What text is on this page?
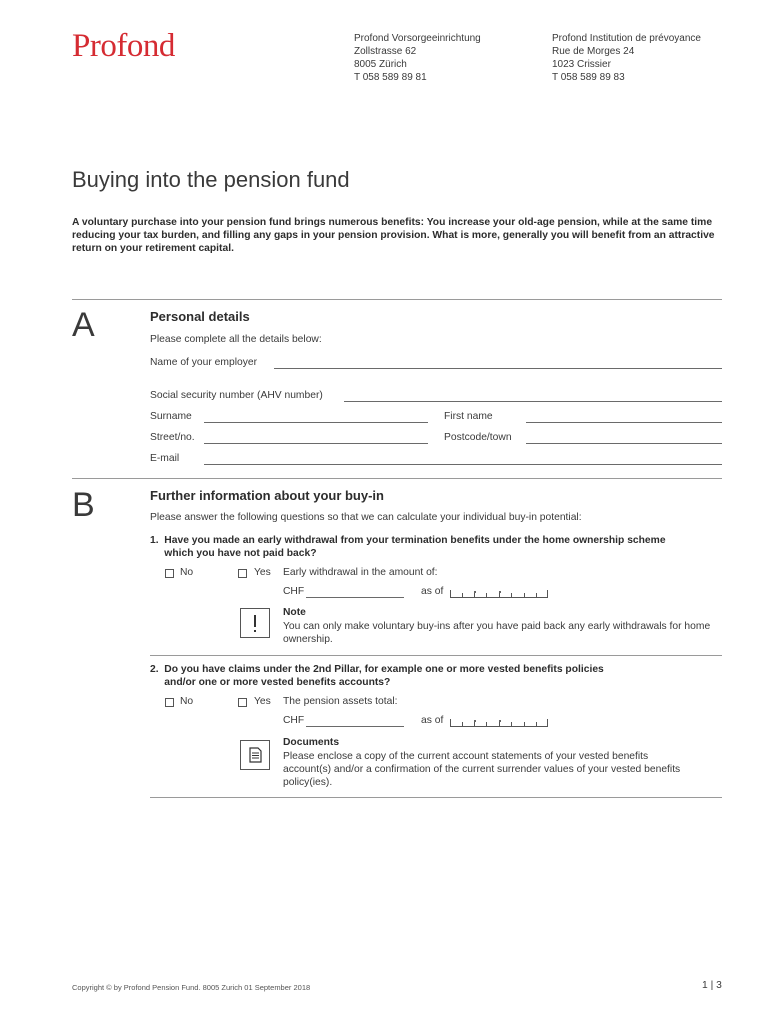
Profond	Profond Vorsorgeeinrichtung
Zollstrasse 62
8005 Zürich
T 058 589 89 81
Profond Institution de prévoyance
Rue de Morges 24
1023 Crissier
T 058 589 89 83
Buying into the pension fund

A voluntary purchase into your pension fund brings numerous benefits: You increase your old-age pension, while at the same time reducing your tax burden, and filling any gaps in your pension provision. What is more, generally you will benefit from an attractive return on your retirement capital.

A	Personal details
Please complete all the details below:
Name of your employer
Social security number (AHV number)
Surname	First name
Street/no.	Postcode/town
E-mail
B	Further information about your buy-in
Please answer the following questions so that we can calculate your individual buy-in potential:
1.  Have you made an early withdrawal from your termination benefits under the home ownership scheme
which you have not paid back?
No	Yes Early withdrawal in the amount of:
CHF	as of
Note
You can only make voluntary buy-ins after you have paid back any early withdrawals for home ownership.
2.  Do you have claims under the 2nd Pillar, for example one or more vested benefits policies
and/or one or more vested benefits accounts?
No	Yes The pension assets total:
CHF	as of
Documents
Please enclose a copy of the current account statements of your vested benefits account(s) and/or a confirmation of the current surrender values of your vested benefits policy(ies).
Copyright © by Profond Pension Fund. 8005 Zurich 01 September 2018	1 | 3
